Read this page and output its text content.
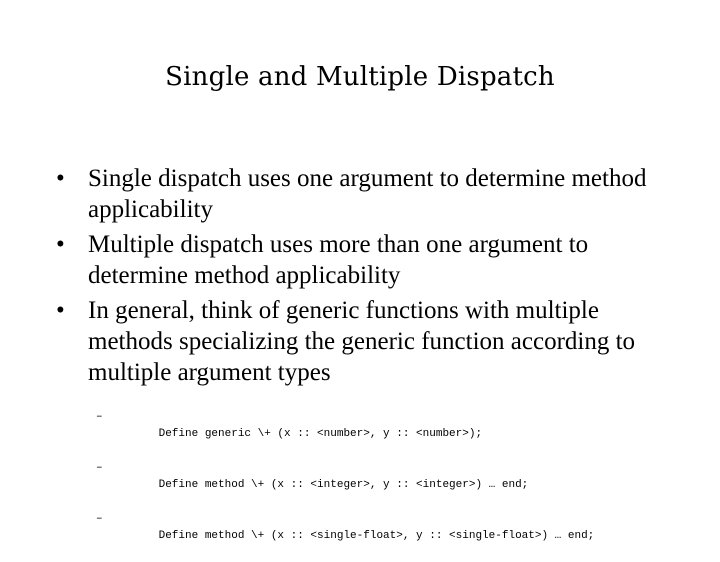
Single and Multiple Dispatch
• Single dispatch uses one argument to determine method applicability
• Multiple dispatch uses more than one argument to determine method applicability
• In general, think of generic functions with multiple methods specializing the generic function according to multiple argument types

–
Define generic \+ (x :: <number>, y :: <number>);

–
Define method \+ (x :: <integer>, y :: <integer>) … end;

–
Define method \+ (x :: <single-float>, y :: <single-float>) … end;
